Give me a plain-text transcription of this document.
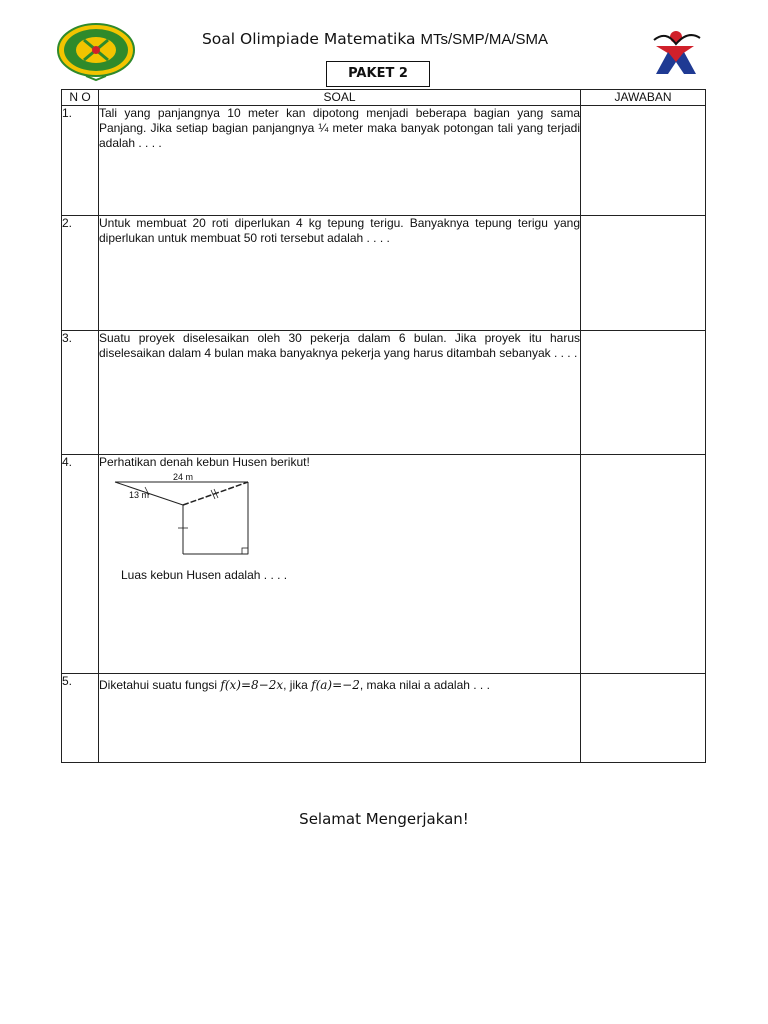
Soal Olimpiade Matematika MTs/SMP/MA/SMA
PAKET 2
N O	SOAL	JAWABAN
1.	Tali yang panjangnya 10 meter kan dipotong menjadi beberapa bagian yang sama Panjang. Jika setiap bagian panjangnya ¼ meter maka banyak potongan tali yang terjadi adalah . . . .	
2.	Untuk membuat 20 roti diperlukan 4 kg tepung terigu. Banyaknya tepung terigu yang diperlukan untuk membuat 50 roti tersebut adalah . . . .	
3.	Suatu proyek diselesaikan oleh 30 pekerja dalam 6 bulan. Jika proyek itu harus diselesaikan dalam 4 bulan maka banyaknya pekerja yang harus ditambah sebanyak . . . .	
4.	Perhatikan denah kebun Husen berikut!
24 m
13 m
Luas kebun Husen adalah . . . .	

5.	Diketahui suatu fungsi f(x)=8−2x, jika f(a)=−2, maka nilai a adalah . . .	
Selamat Mengerjakan!
